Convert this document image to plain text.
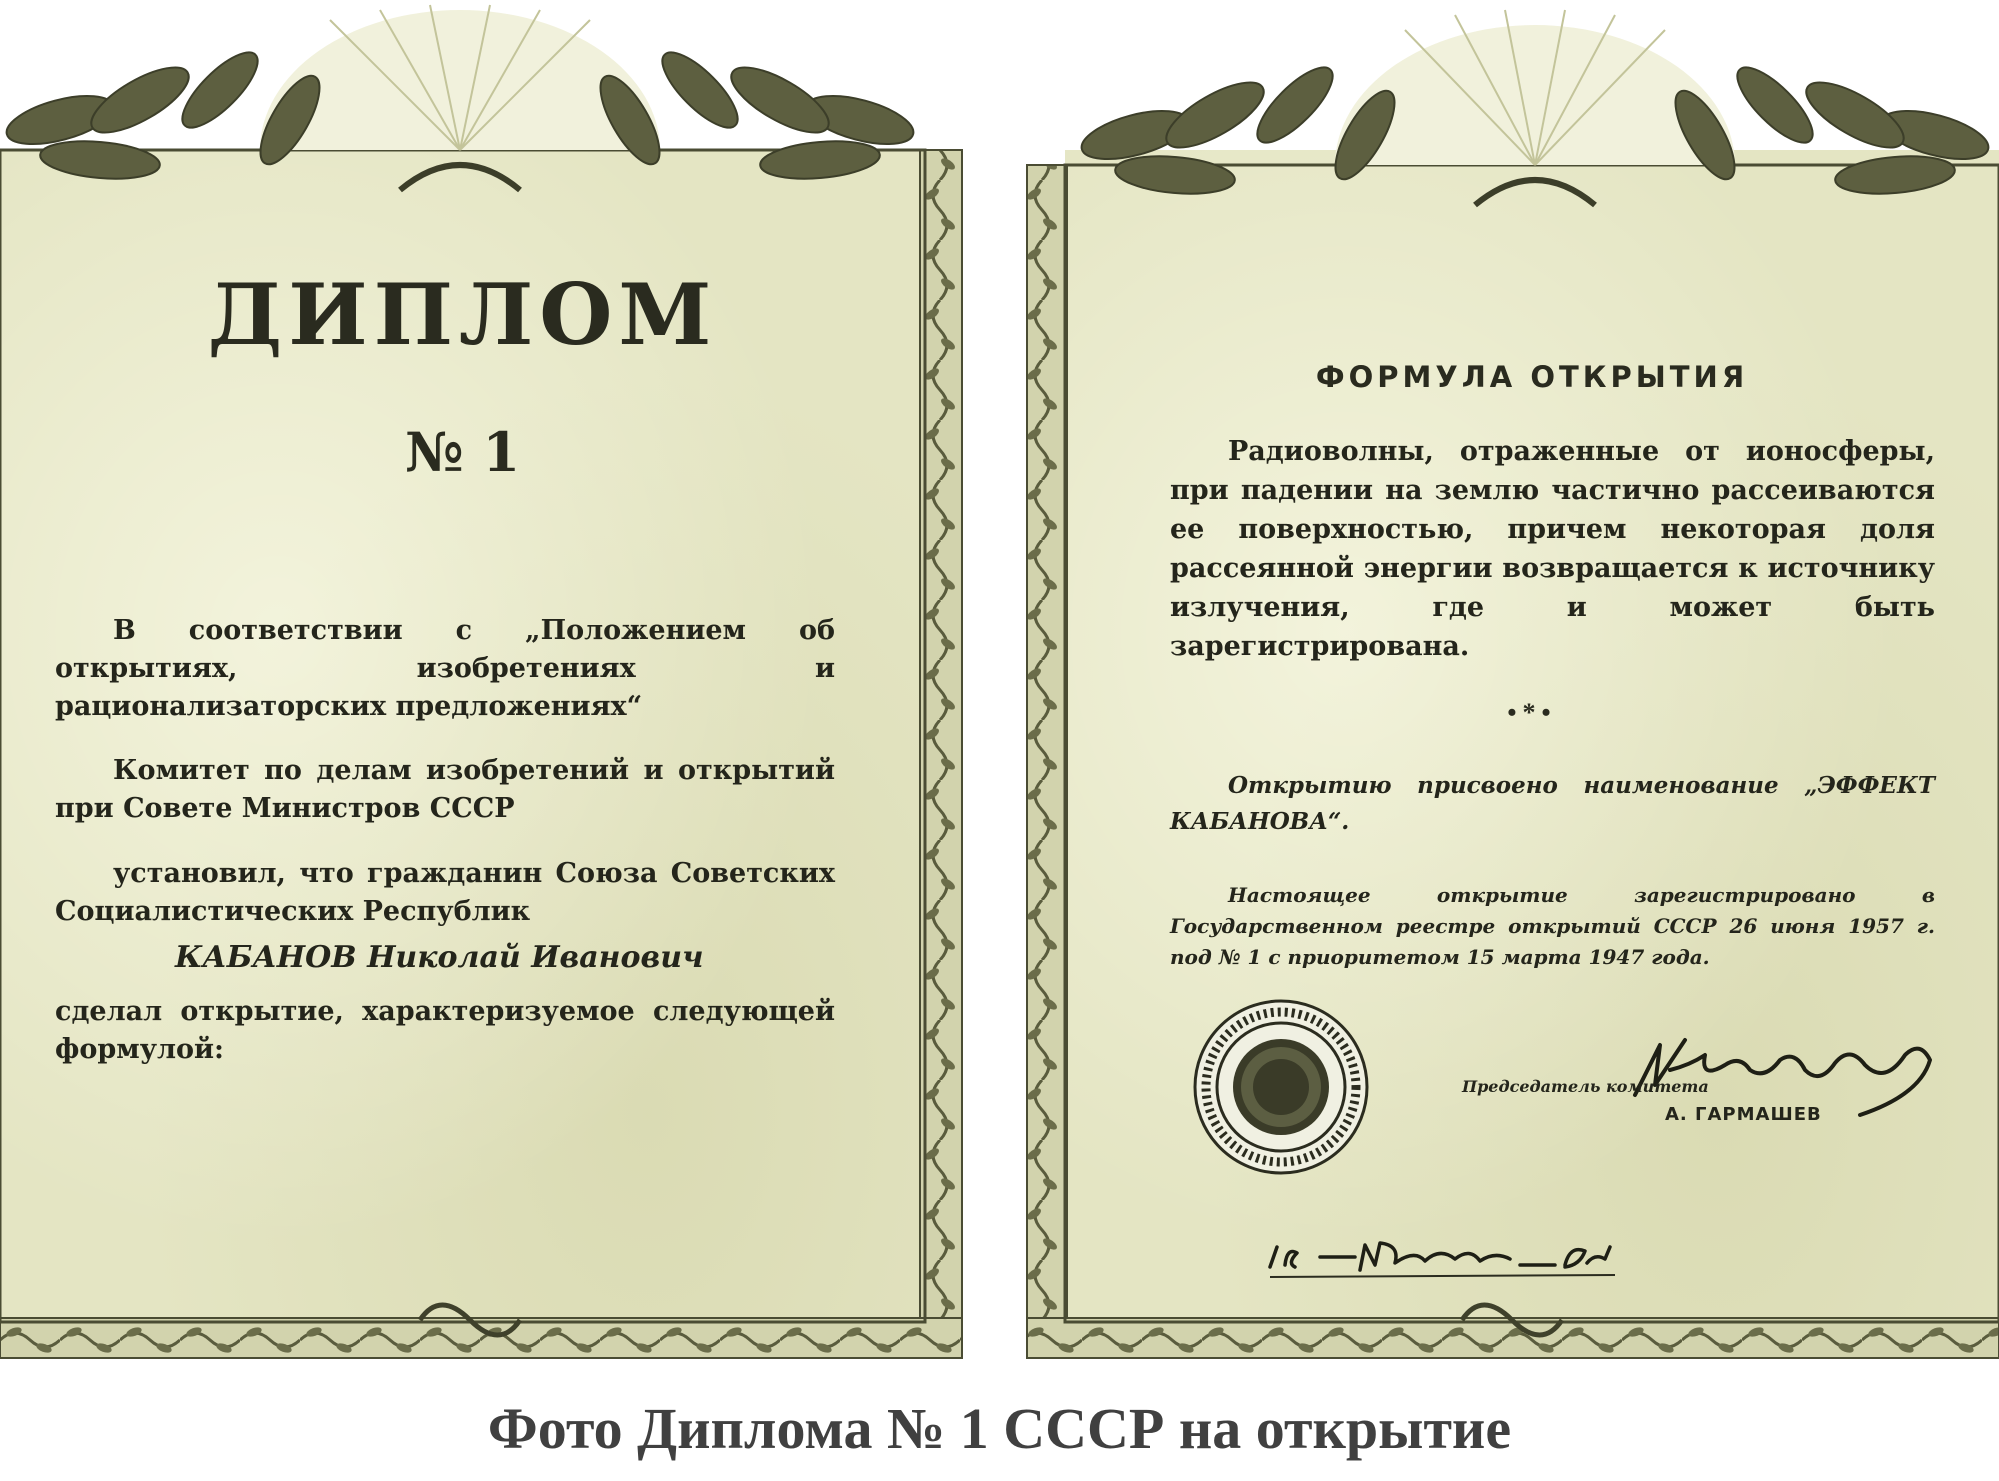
ДИПЛОМ
№ 1
В соответствии с „Положением об открытиях, изобретениях и рационализаторских предложениях“
Комитет по делам изобретений и открытий при Совете Министров СССР
установил, что гражданин Союза Советских Социалистических Республик
КАБАНОВ Николай Иванович
сделал открытие, характеризуемое следующей формулой:
ФОРМУЛА ОТКРЫТИЯ
•*•
Радиоволны, отраженные от ионосферы, при падении на землю частично рассеиваются ее поверхностью, причем некоторая доля рассеянной энергии возвращается к источнику излучения, где и может быть зарегистрирована.
Открытию присвоено наименование „ЭФФЕКТ КАБАНОВА“.
Настоящее открытие зарегистрировано в Государственном реестре открытий СССР 26 июня 1957 г. под № 1 с приоритетом 15 марта 1947 года.
Председатель комитета
А. ГАРМАШЕВ
Фото Диплома № 1 СССР на открытие
